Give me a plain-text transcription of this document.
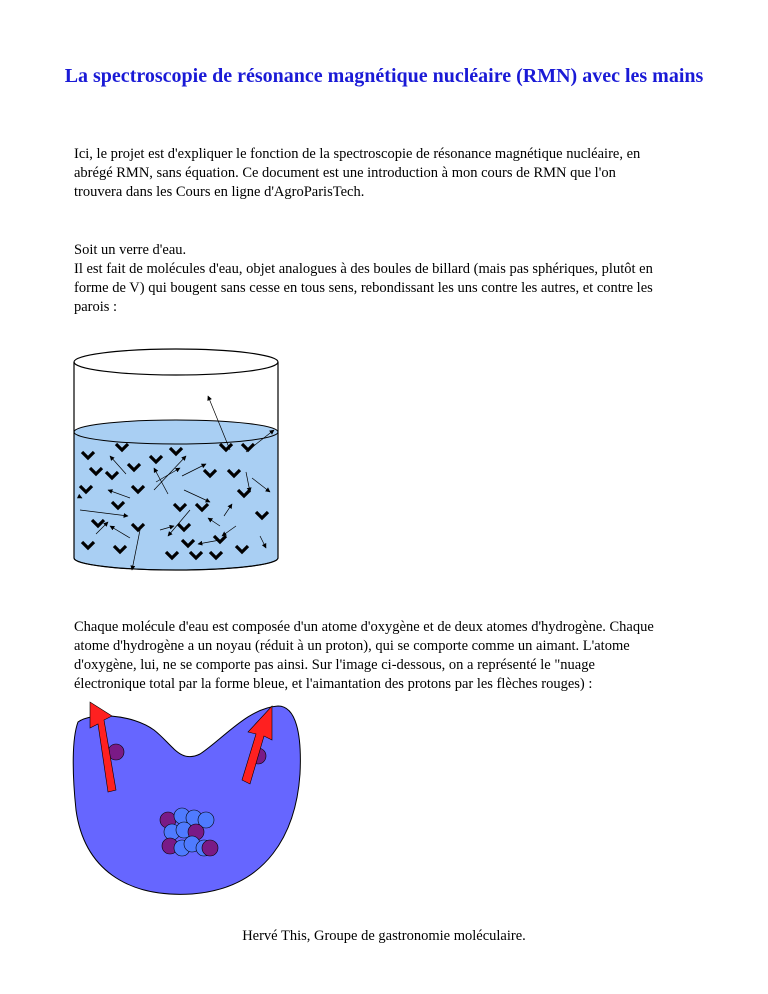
La spectroscopie de résonance magnétique nucléaire (RMN) avec les mains

Ici, le projet est d'expliquer le fonction de la spectroscopie de résonance magnétique nucléaire, en
abrégé RMN, sans équation. Ce document est une introduction à mon cours de RMN que l'on
trouvera dans les Cours en ligne d'AgroParisTech.

Soit un verre d'eau.

Il est fait de molécules d'eau, objet analogues à des boules de billard (mais pas sphériques, plutôt en
forme de V) qui bougent sans cesse en tous sens, rebondissant les uns contre les autres, et contre les
parois :

Chaque molécule d'eau est composée d'un atome d'oxygène et de deux atomes d'hydrogène. Chaque
atome d'hydrogène a un noyau (réduit à un proton), qui se comporte comme un aimant. L'atome
d'oxygène, lui, ne se comporte pas ainsi. Sur l'image ci-dessous, on a représenté le "nuage
électronique total par la forme bleue, et l'aimantation des protons par les flèches rouges) :

Hervé This, Groupe de gastronomie moléculaire.
